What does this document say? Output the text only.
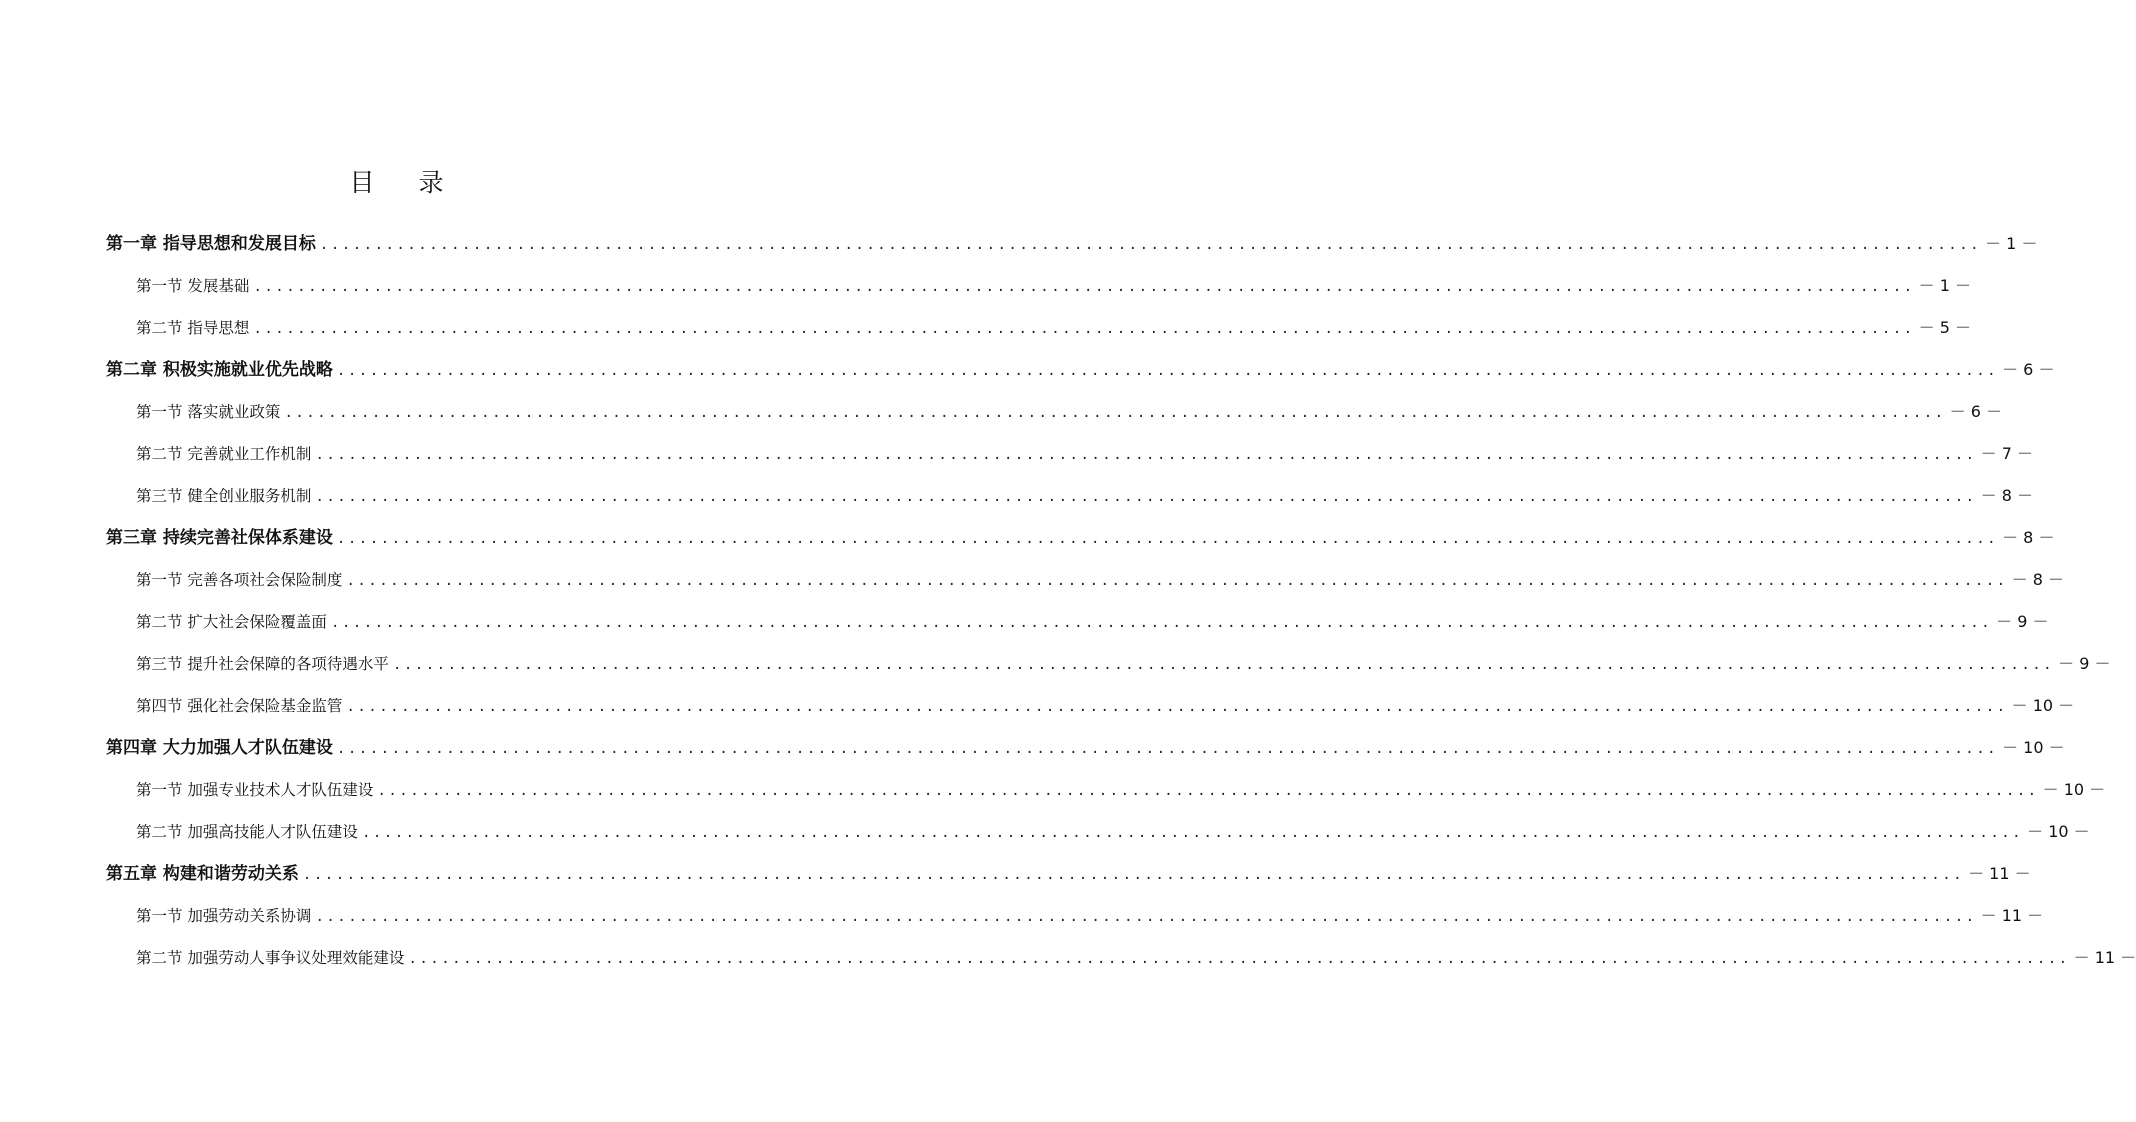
目 录
第一章 指导思想和发展目标 ........................................................................................................................................................ － 1 －
第一节 发展基础 ........................................................................................................................................................ － 1 －
第二节 指导思想 ........................................................................................................................................................ － 5 －
第二章 积极实施就业优先战略 ........................................................................................................................................................ － 6 －
第一节 落实就业政策 ........................................................................................................................................................ － 6 －
第二节 完善就业工作机制 ........................................................................................................................................................ － 7 －
第三节 健全创业服务机制 ........................................................................................................................................................ － 8 －
第三章 持续完善社保体系建设 ........................................................................................................................................................ － 8 －
第一节 完善各项社会保险制度 ........................................................................................................................................................ － 8 －
第二节 扩大社会保险覆盖面 ........................................................................................................................................................ － 9 －
第三节 提升社会保障的各项待遇水平 ........................................................................................................................................................ － 9 －
第四节 强化社会保险基金监管 ........................................................................................................................................................ － 10 －
第四章 大力加强人才队伍建设 ........................................................................................................................................................ － 10 －
第一节 加强专业技术人才队伍建设 ........................................................................................................................................................ － 10 －
第二节 加强高技能人才队伍建设 ........................................................................................................................................................ － 10 －
第五章 构建和谐劳动关系 ........................................................................................................................................................ － 11 －
第一节 加强劳动关系协调 ........................................................................................................................................................ － 11 －
第二节 加强劳动人事争议处理效能建设 ........................................................................................................................................................ － 11 －
